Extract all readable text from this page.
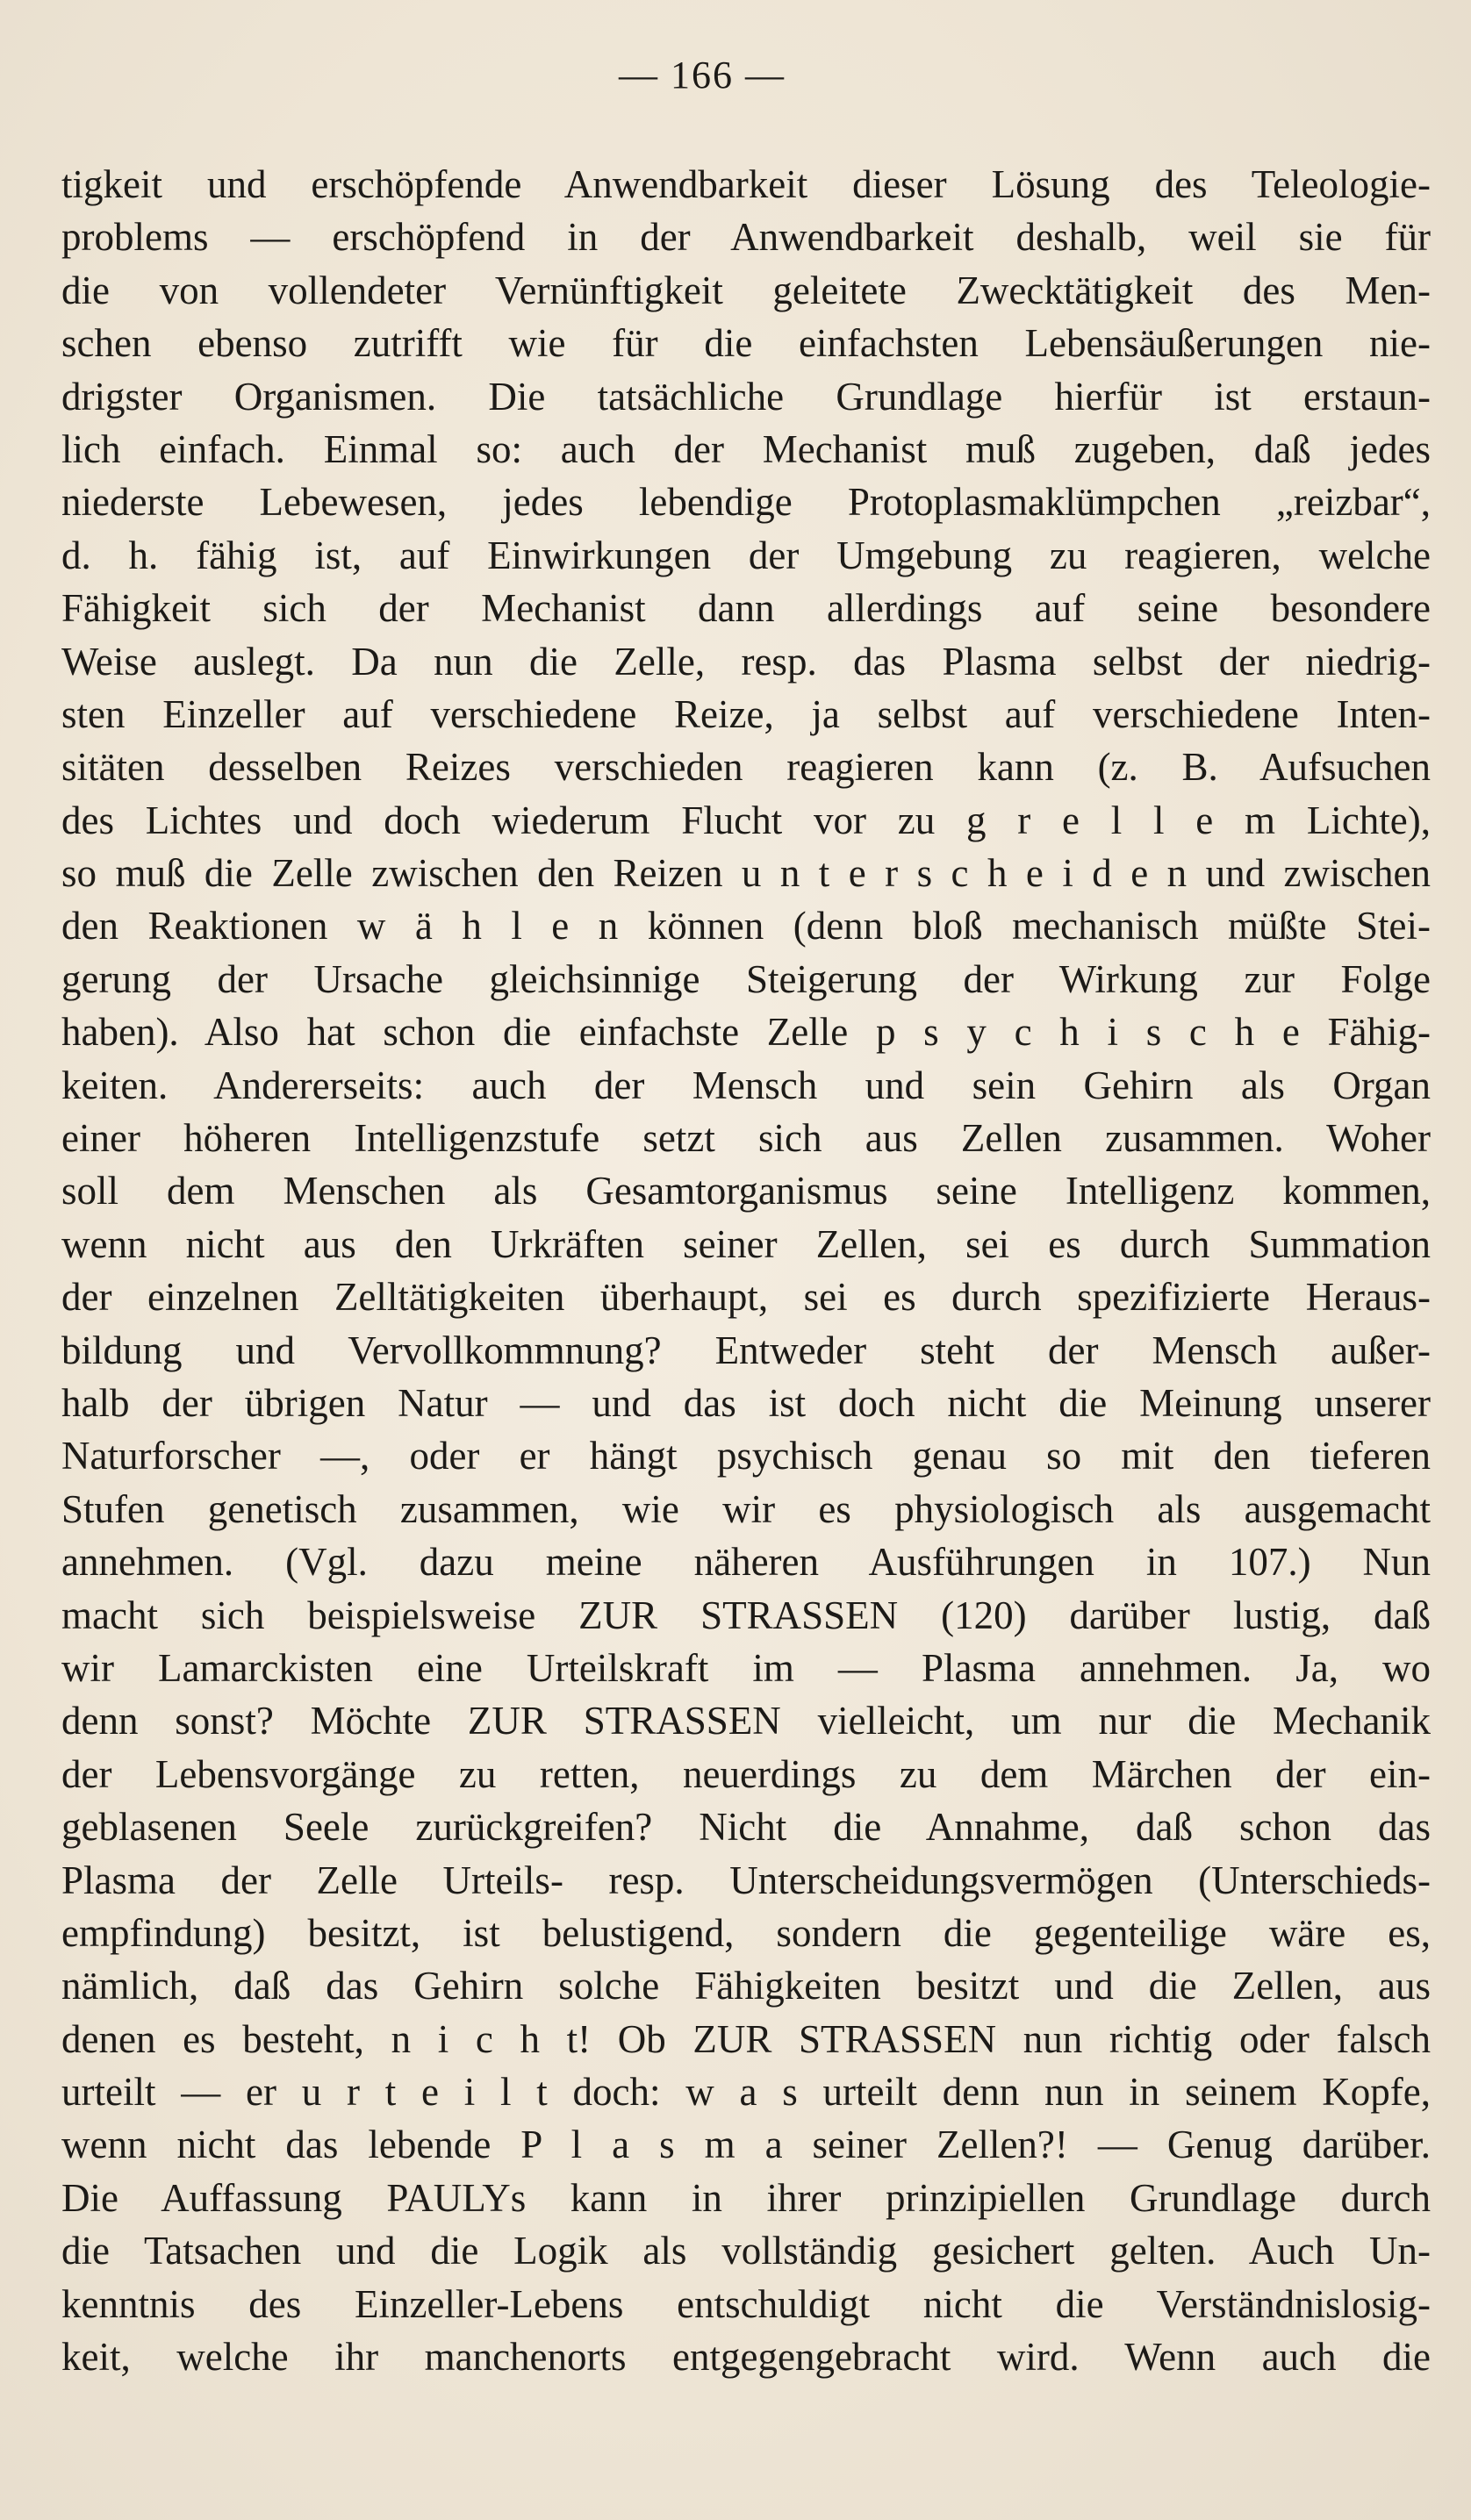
— 166 —
tigkeit und erschöpfende Anwendbarkeit dieser Lösung des Teleologie-
problems — erschöpfend in der Anwendbarkeit deshalb, weil sie für
die von vollendeter Vernünftigkeit geleitete Zwecktätigkeit des Men-
schen ebenso zutrifft wie für die einfachsten Lebensäußerungen nie-
drigster Organismen. Die tatsächliche Grundlage hierfür ist erstaun-
lich einfach. Einmal so: auch der Mechanist muß zugeben, daß jedes
niederste Lebewesen, jedes lebendige Protoplasmaklümpchen „reizbar“,
d. h. fähig ist, auf Einwirkungen der Umgebung zu reagieren, welche
Fähigkeit sich der Mechanist dann allerdings auf seine besondere
Weise auslegt. Da nun die Zelle, resp. das Plasma selbst der niedrig-
sten Einzeller auf verschiedene Reize, ja selbst auf verschiedene Inten-
sitäten desselben Reizes verschieden reagieren kann (z. B. Aufsuchen
des Lichtes und doch wiederum Flucht vor zu g r e l l e m Lichte),
so muß die Zelle zwischen den Reizen u n t e r s c h e i d e n und zwischen
den Reaktionen w ä h l e n können (denn bloß mechanisch müßte Stei-
gerung der Ursache gleichsinnige Steigerung der Wirkung zur Folge
haben). Also hat schon die einfachste Zelle p s y c h i s c h e Fähig-
keiten. Andererseits: auch der Mensch und sein Gehirn als Organ
einer höheren Intelligenzstufe setzt sich aus Zellen zusammen. Woher
soll dem Menschen als Gesamtorganismus seine Intelligenz kommen,
wenn nicht aus den Urkräften seiner Zellen, sei es durch Summation
der einzelnen Zelltätigkeiten überhaupt, sei es durch spezifizierte Heraus-
bildung und Vervollkommnung? Entweder steht der Mensch außer-
halb der übrigen Natur — und das ist doch nicht die Meinung unserer
Naturforscher —, oder er hängt psychisch genau so mit den tieferen
Stufen genetisch zusammen, wie wir es physiologisch als ausgemacht
annehmen. (Vgl. dazu meine näheren Ausführungen in 107.) Nun
macht sich beispielsweise ZUR STRASSEN (120) darüber lustig, daß
wir Lamarckisten eine Urteilskraft im — Plasma annehmen. Ja, wo
denn sonst? Möchte ZUR STRASSEN vielleicht, um nur die Mechanik
der Lebensvorgänge zu retten, neuerdings zu dem Märchen der ein-
geblasenen Seele zurückgreifen? Nicht die Annahme, daß schon das
Plasma der Zelle Urteils- resp. Unterscheidungsvermögen (Unterschieds-
empfindung) besitzt, ist belustigend, sondern die gegenteilige wäre es,
nämlich, daß das Gehirn solche Fähigkeiten besitzt und die Zellen, aus
denen es besteht, n i c h t! Ob ZUR STRASSEN nun richtig oder falsch
urteilt — er u r t e i l t doch: w a s urteilt denn nun in seinem Kopfe,
wenn nicht das lebende P l a s m a seiner Zellen?! — Genug darüber.
Die Auffassung PAULYs kann in ihrer prinzipiellen Grundlage durch
die Tatsachen und die Logik als vollständig gesichert gelten. Auch Un-
kenntnis des Einzeller-Lebens entschuldigt nicht die Verständnislosig-
keit, welche ihr manchenorts entgegengebracht wird. Wenn auch die
